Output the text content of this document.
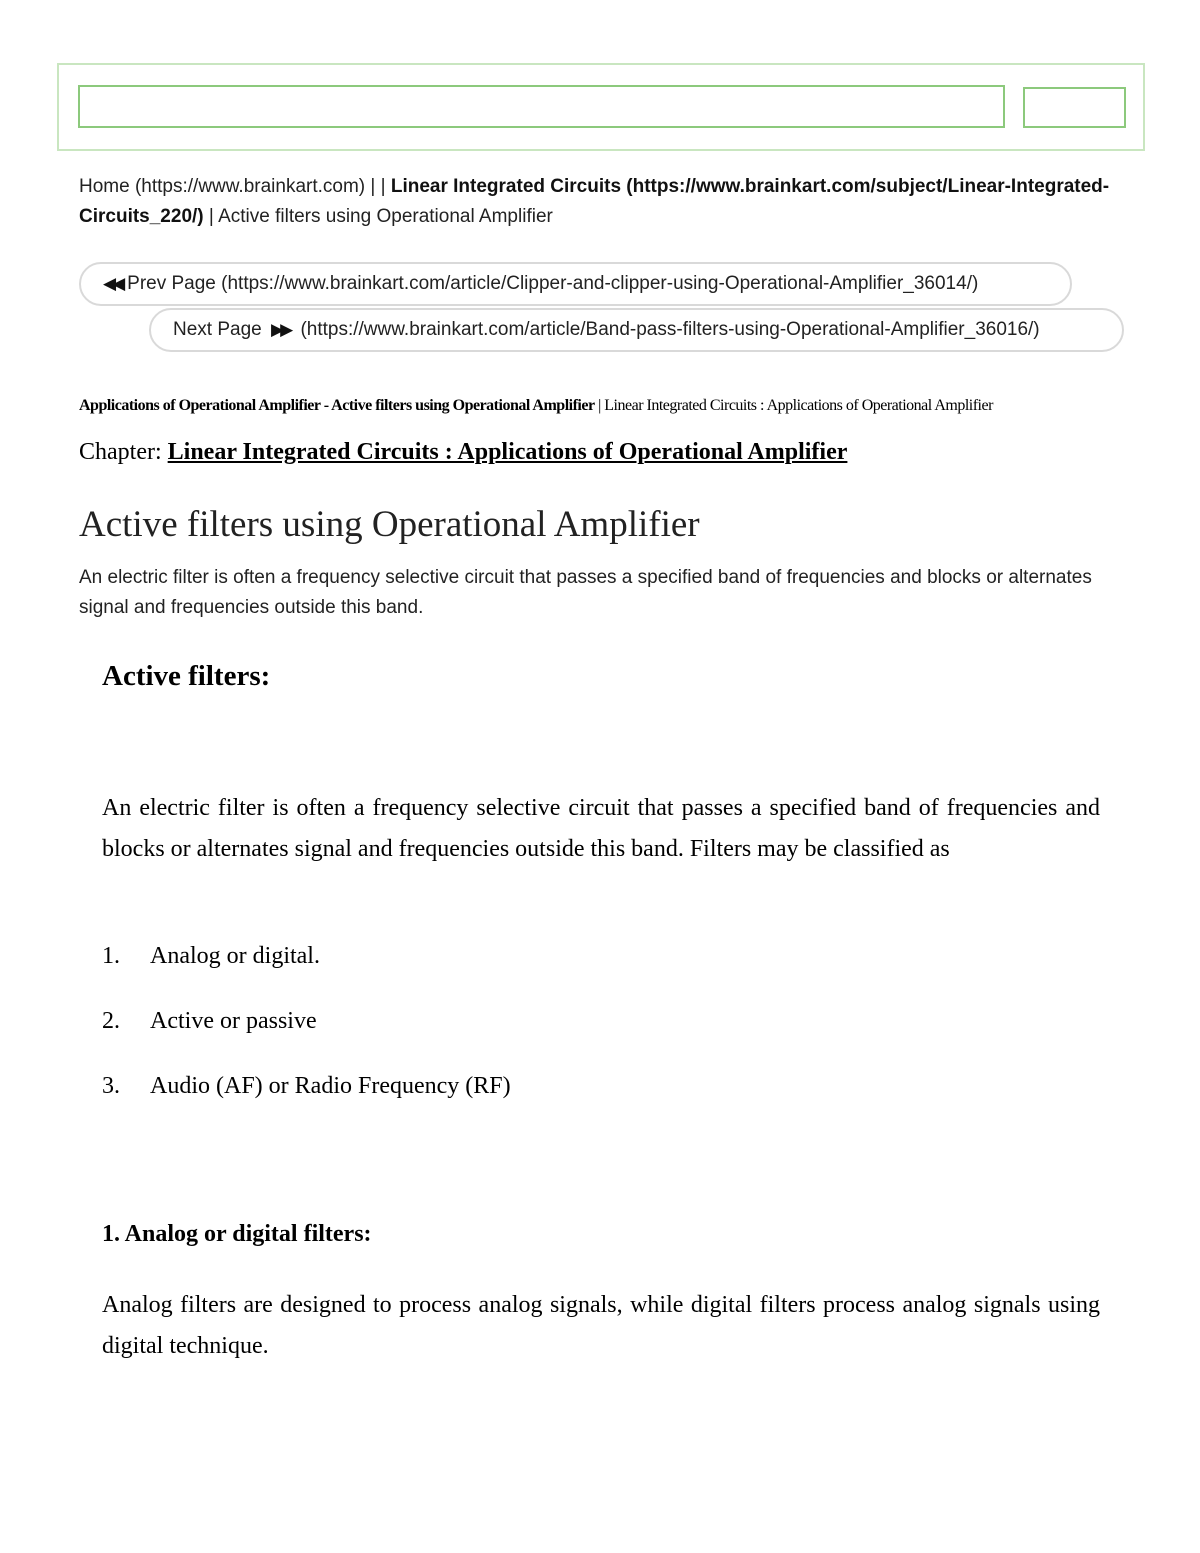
Home (https://www.brainkart.com) | | Linear Integrated Circuits (https://www.brainkart.com/subject/Linear-Integrated-Circuits_220/) | Active filters using Operational Amplifier
◀◀ Prev Page (https://www.brainkart.com/article/Clipper-and-clipper-using-Operational-Amplifier_36014/)
Next Page ▶▶ (https://www.brainkart.com/article/Band-pass-filters-using-Operational-Amplifier_36016/)
Applications of Operational Amplifier - Active filters using Operational Amplifier | Linear Integrated Circuits : Applications of Operational Amplifier
Chapter: Linear Integrated Circuits : Applications of Operational Amplifier
Active filters using Operational Amplifier

An electric filter is often a frequency selective circuit that passes a specified band of frequencies and blocks or alternates signal and frequencies outside this band.

Active filters:

An electric filter is often a frequency selective circuit that passes a specified band of frequencies and blocks or alternates signal and frequencies outside this band. Filters may be classified as

1. Analog or digital.
2. Active or passive
3. Audio (AF) or Radio Frequency (RF)
1. Analog or digital filters:

Analog filters are designed to process analog signals, while digital filters process analog signals using digital technique.
